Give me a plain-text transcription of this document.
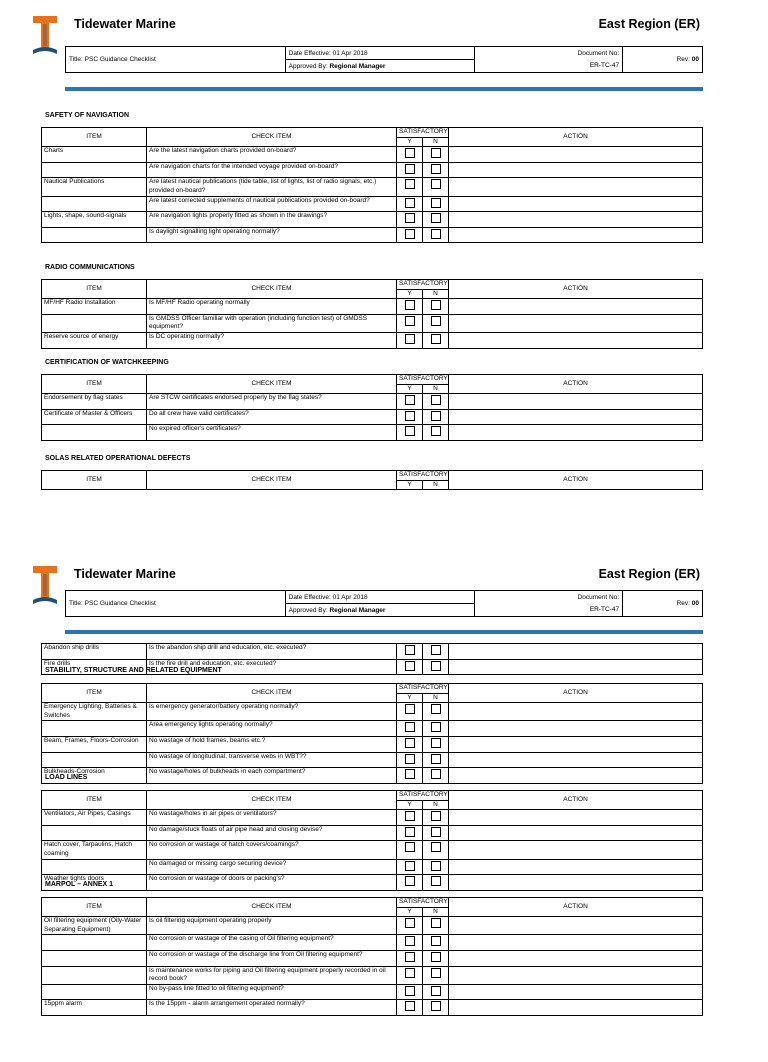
Tidewater Marine	East Region (ER)
Title: PSC Guidance Checklist	Date Effective: 01 Apr 2018	Document No:	Rev: 00
	Approved By: Regional Manager	ER-TC-47	
SAFETY OF NAVIGATION
ITEM	CHECK ITEM	SATISFACTORY		ACTION
		Y	N	
Charts	Are the latest navigation charts provided on-board?			
	Are navigation charts for the intended voyage provided on-board?			
Nautical Publications	Are latest nautical publications (tide table, list of lights, list of radio signals, etc.) provided on-board?			
	Are latest corrected supplements of nautical publications provided on-board?			
Lights, shape, sound-signals	Are navigation lights properly fitted as shown in the drawings?			
	Is daylight signalling light operating normally?			
RADIO COMMUNICATIONS
ITEM	CHECK ITEM	SATISFACTORY		ACTION
		Y	N	
MF/HF Radio Installation	Is MF/HF Radio operating normally			
	Is GMDSS Officer familiar with operation (including function test) of GMDSS equipment?			
Reserve source of energy	Is DC operating normally?			
CERTIFICATION OF WATCHKEEPING
ITEM	CHECK ITEM	SATISFACTORY		ACTION
		Y	N	
Endorsement by flag states	Are STCW certificates endorsed properly by the flag states?			
Certificate of Master & Officers	Do all crew have valid certificates?			
	No expired officer's certificates?			
SOLAS RELATED OPERATIONAL DEFECTS
ITEM	CHECK ITEM	SATISFACTORY		ACTION
		Y	N	
Tidewater Marine	East Region (ER)
Title: PSC Guidance Checklist	Date Effective: 01 Apr 2018	Document No:	Rev: 00
	Approved By: Regional Manager	ER-TC-47	
Abandon ship drills	Is the abandon ship drill and education, etc. executed?			
Fire drills	Is the fire drill and education, etc. executed?			
STABILITY, STRUCTURE AND RELATED EQUIPMENT
ITEM	CHECK ITEM	SATISFACTORY		ACTION
		Y	N	
Emergency Lighting, Batteries & Switches	Is emergency generator/battery operating normally?			
	Area emergency lights operating normally?			
Beam, Frames, Floors-Corrosion	No wastage of hold frames, beams etc.?			
	No wastage of longitudinal, transverse webs in WBT??			
Bulkheads-Corrosion	No wastage/holes of bulkheads in each compartment?			
LOAD LINES
ITEM	CHECK ITEM	SATISFACTORY		ACTION
		Y	N	
Ventilators, Air Pipes, Casings	No wastage/holes in air pipes or ventilators?			
	No damage/stuck floats of air pipe head and closing devise?			
Hatch cover, Tarpaulins, Hatch coaming	No corrosion or wastage of hatch covers/coamings?			
	No damaged or missing cargo securing device?			
Weather tights doors	No corrosion or wastage of doors or packing's?			
MARPOL – ANNEX 1
ITEM	CHECK ITEM	SATISFACTORY		ACTION
		Y	N	
Oil filtering equipment (Oily-Water Separating Equipment)	Is oil filtering equipment operating properly			
	No corrosion or wastage of the casing of Oil filtering equipment?			
	No corrosion or wastage of the discharge line from Oil filtering equipment?			
	Is maintenance works for piping and Oil filtering equipment properly recorded in oil record book?			
	No by-pass line fitted to oil filtering equipment?			
15ppm alarm	Is the 15ppm - alarm arrangement operated normally?			
